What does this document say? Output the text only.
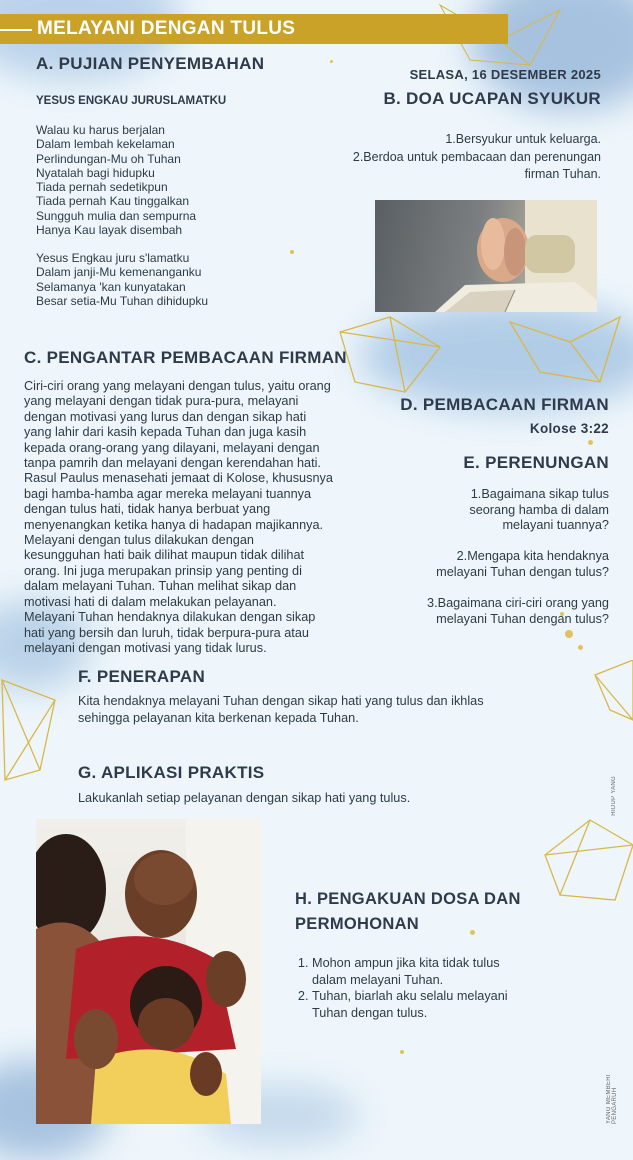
MELAYANI DENGAN TULUS
A. PUJIAN PENYEMBAHAN
YESUS ENGKAU JURUSLAMATKU
Walau ku harus berjalan
Dalam lembah kekelaman
Perlindungan-Mu oh Tuhan
Nyatalah bagi hidupku
Tiada pernah sedetikpun
Tiada pernah Kau tinggalkan
Sungguh mulia dan sempurna
Hanya Kau layak disembah
Yesus Engkau juru s'lamatku
Dalam janji-Mu kemenanganku
Selamanya 'kan kunyatakan
Besar setia-Mu Tuhan dihidupku
SELASA, 16 DESEMBER 2025
B. DOA UCAPAN SYUKUR
1.Bersyukur untuk keluarga.
2.Berdoa untuk pembacaan dan perenungan
firman Tuhan.
C. PENGANTAR PEMBACAAN FIRMAN
Ciri-ciri orang yang melayani dengan tulus, yaitu orang
yang melayani dengan tidak pura-pura, melayani
dengan motivasi yang lurus dan dengan sikap hati
yang lahir dari kasih kepada Tuhan dan juga kasih
kepada orang-orang yang dilayani, melayani dengan
tanpa pamrih dan melayani dengan kerendahan hati.
Rasul Paulus menasehati jemaat di Kolose, khususnya
bagi hamba-hamba agar mereka melayani tuannya
dengan tulus hati, tidak hanya berbuat yang
menyenangkan ketika hanya di hadapan majikannya.
Melayani dengan tulus dilakukan dengan
kesungguhan hati baik dilihat maupun tidak dilihat
orang. Ini juga merupakan prinsip yang penting di
dalam melayani Tuhan. Tuhan melihat sikap dan
motivasi hati di dalam melakukan pelayanan.
Melayani Tuhan hendaknya dilakukan dengan sikap
hati yang bersih dan luruh, tidak berpura-pura atau
melayani dengan motivasi yang tidak lurus.
D. PEMBACAAN FIRMAN
Kolose 3:22
E. PERENUNGAN
1.Bagaimana sikap tulus
seorang hamba di dalam
melayani tuannya?
2.Mengapa kita hendaknya
melayani Tuhan dengan tulus?
3.Bagaimana ciri-ciri orang yang
melayani Tuhan dengan tulus?
F. PENERAPAN
Kita hendaknya melayani Tuhan dengan sikap hati yang tulus dan ikhlas
sehingga pelayanan kita berkenan kepada Tuhan.
G. APLIKASI PRAKTIS
Lakukanlah setiap pelayanan dengan sikap hati yang tulus.
H. PENGAKUAN DOSA DAN
PERMOHONAN
1. Mohon ampun jika kita tidak tulus
dalam melayani Tuhan.
2. Tuhan, biarlah aku selalu melayani
Tuhan dengan tulus.
HIDUP YANG
YANG MEMBERI PENGARUH
